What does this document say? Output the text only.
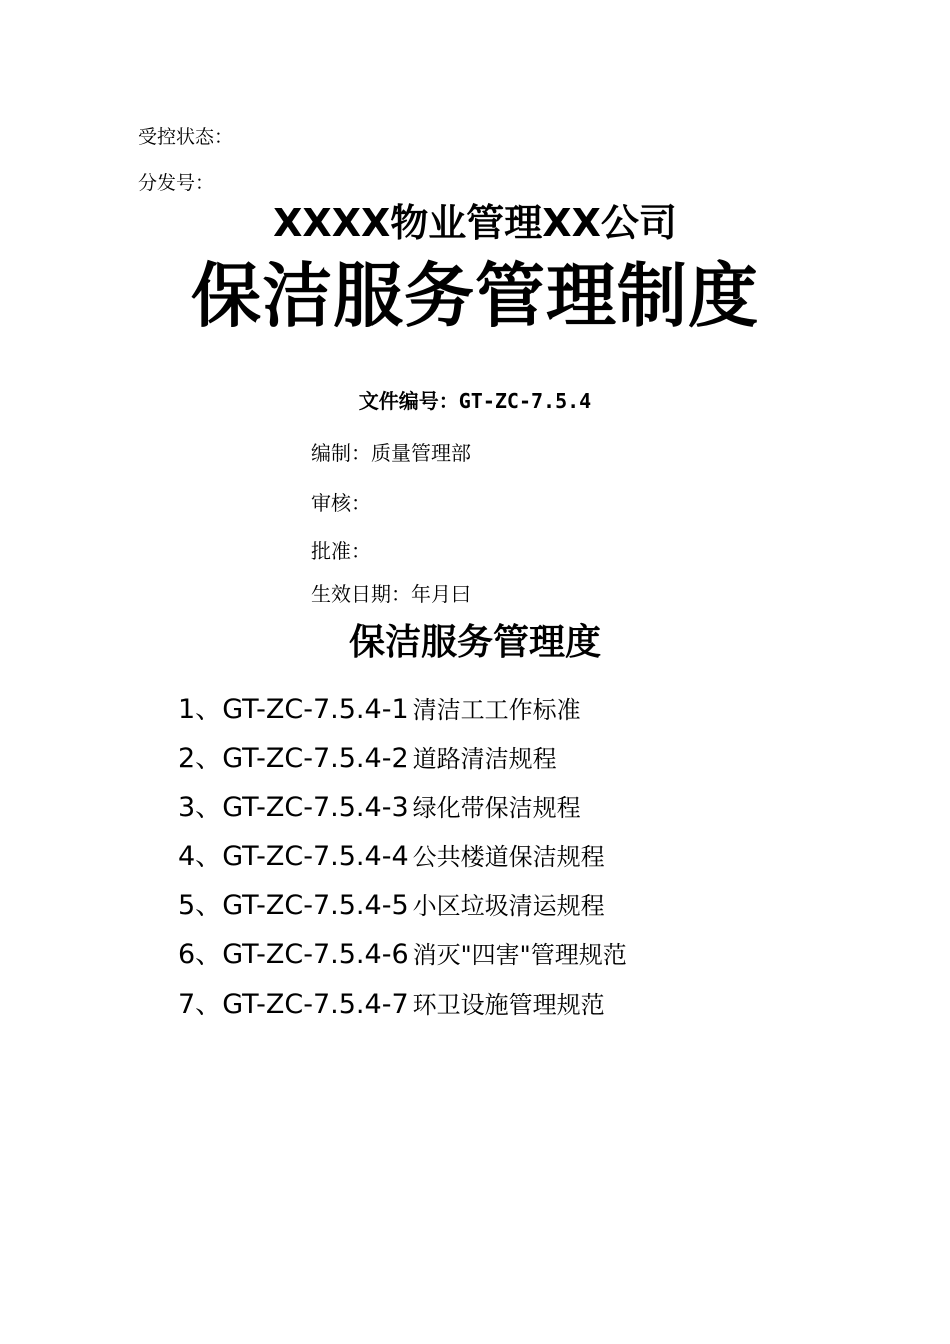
受控状态：
分发号：
XXXX物业管理XX公司
保洁服务管理制度
文件编号：GT-ZC-7.5.4
编制：质量管理部
审核：
批准：
生效日期：年月曰
保洁服务管理度
1、GT-ZC-7.5.4-1 清洁工工作标准
2、GT-ZC-7.5.4-2 道路清洁规程
3、GT-ZC-7.5.4-3 绿化带保洁规程
4、GT-ZC-7.5.4-4 公共楼道保洁规程
5、GT-ZC-7.5.4-5 小区垃圾清运规程
6、GT-ZC-7.5.4-6 消灭"四害"管理规范
7、GT-ZC-7.5.4-7 环卫设施管理规范
